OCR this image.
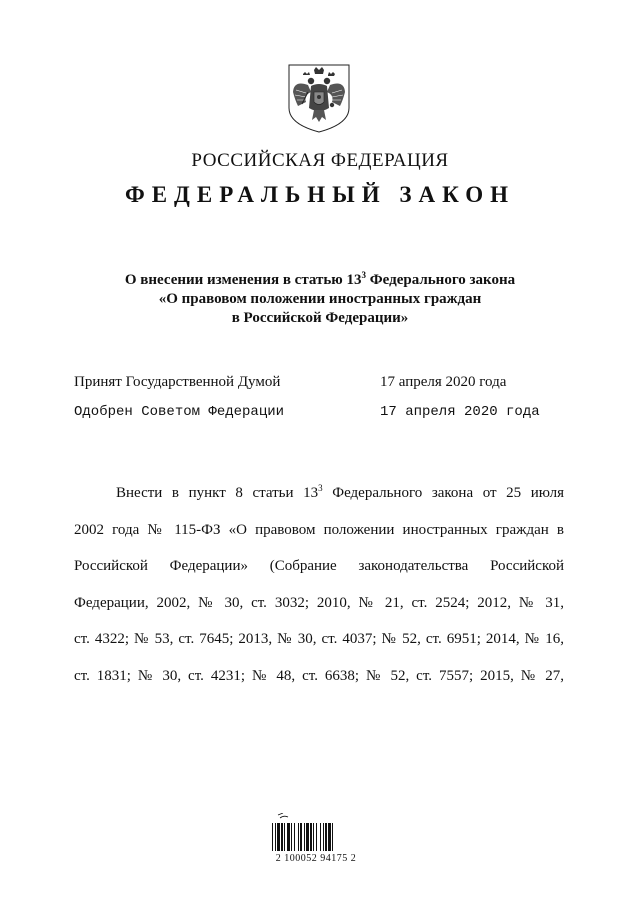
РОССИЙСКАЯ ФЕДЕРАЦИЯ
ФЕДЕРАЛЬНЫЙ ЗАКОН
О внесении изменения в статью $13^3$ Федерального закона
«О правовом положении иностранных граждан
в Российской Федерации»
Принят Государственной Думой	17 апреля 2020 года
Одобрен Советом Федерации	17 апреля 2020 года
Внести в пункт 8 статьи $13^3$ Федерального закона от 25 июля
2002 года № 115-ФЗ «О правовом положении иностранных граждан в
Российской Федерации» (Собрание законодательства Российской
Федерации, 2002, № 30, ст. 3032; 2010, № 21, ст. 2524; 2012, № 31,
ст. 4322; № 53, ст. 7645; 2013, № 30, ст. 4037; № 52, ст. 6951; 2014, № 16,
ст. 1831; № 30, ст. 4231; № 48, ст. 6638; № 52, ст. 7557; 2015, № 27,
2 100052 94175 2
